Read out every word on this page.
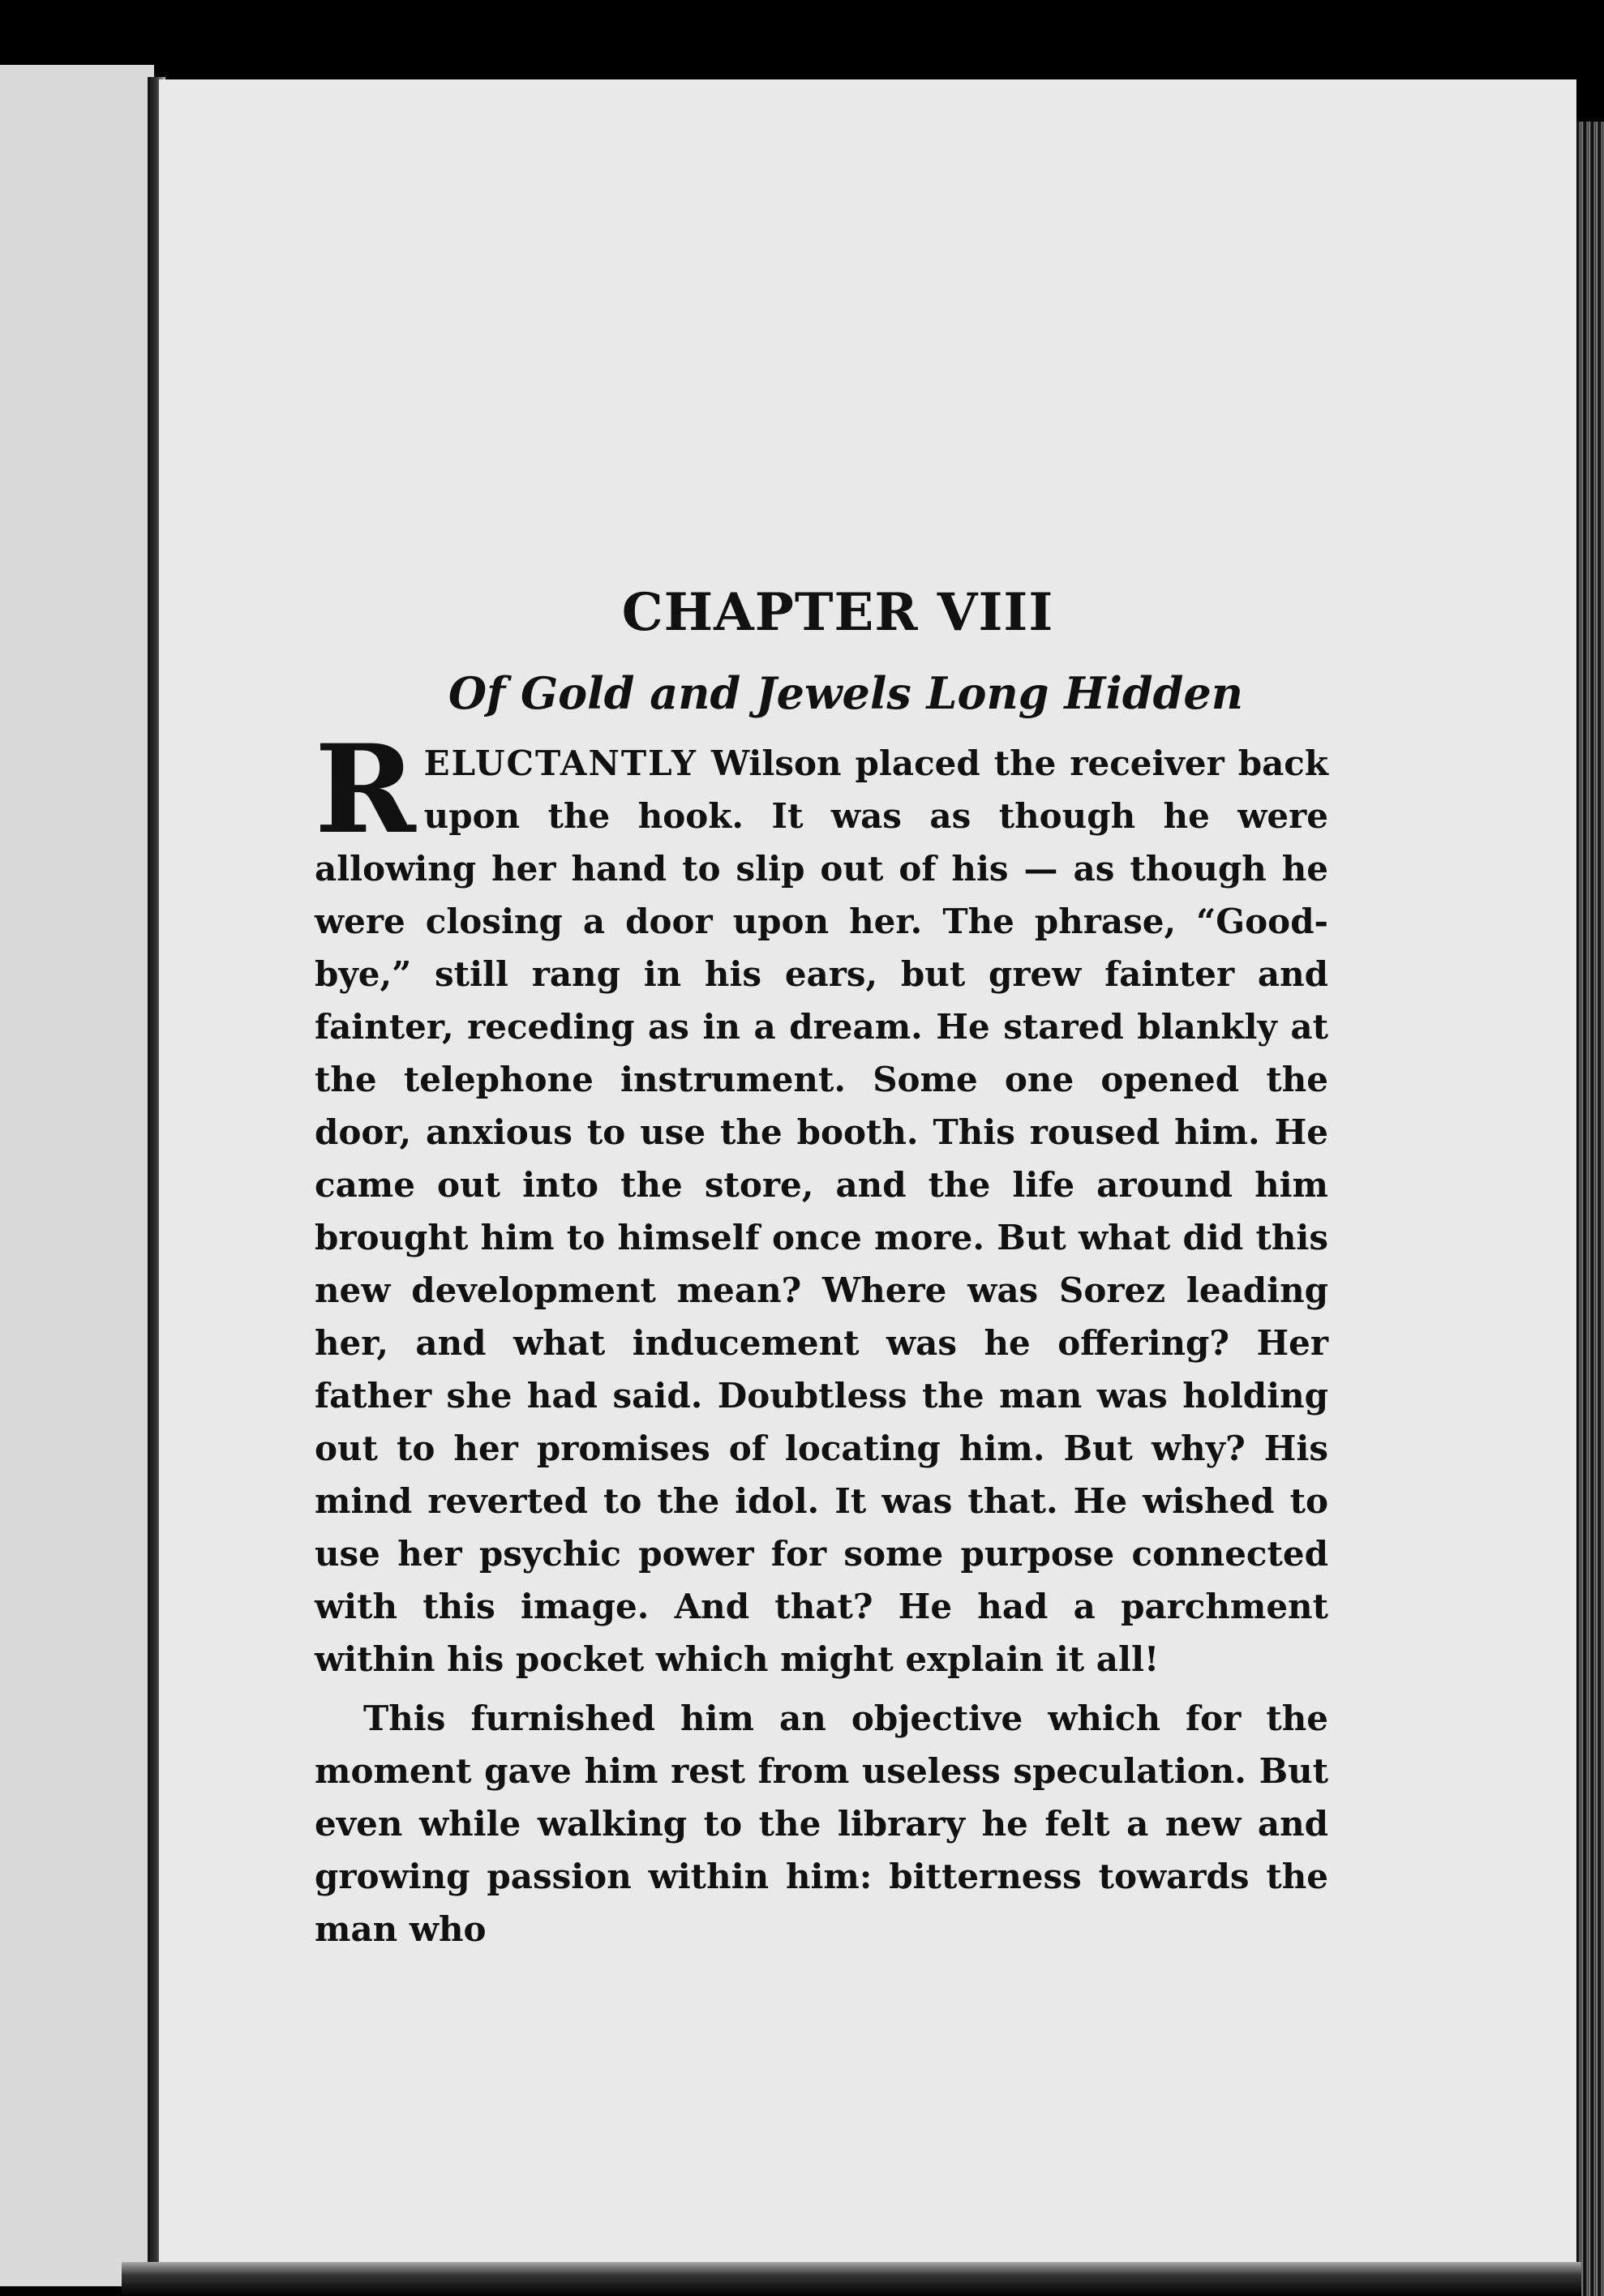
CHAPTER VIII
Of Gold and Jewels Long Hidden

RELUCTANTLY Wilson placed the receiver back upon the hook. It was as though he were allowing her hand to slip out of his — as though he were closing a door upon her. The phrase, “Good-bye,” still rang in his ears, but grew fainter and fainter, receding as in a dream. He stared blankly at the telephone instrument. Some one opened the door, anxious to use the booth. This roused him. He came out into the store, and the life around him brought him to himself once more. But what did this new development mean? Where was Sorez leading her, and what inducement was he offering? Her father she had said. Doubtless the man was holding out to her promises of locating him. But why? His mind reverted to the idol. It was that. He wished to use her psychic power for some purpose connected with this image. And that? He had a parchment within his pocket which might explain it all!

This furnished him an objective which for the moment gave him rest from useless speculation. But even while walking to the library he felt a new and growing passion within him: bitterness towards the man who
